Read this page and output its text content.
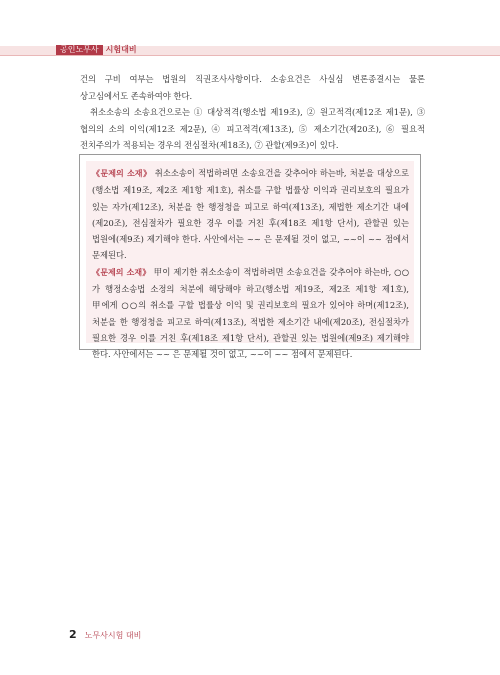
공인노무사 시험대비

건의 구비 여부는 법원의 직권조사사항이다. 소송요건은 사실심 변론종결시는 물론 상고심에서도 존속하여야 한다.

취소소송의 소송요건으로는 ① 대상적격(행소법 제19조), ② 원고적격(제12조 제1문), ③ 협의의 소의 이익(제12조 제2문), ④ 피고적격(제13조), ⑤ 제소기간(제20조), ⑥ 필요적 전치주의가 적용되는 경우의 전심절차(제18조), ⑦ 관할(제9조)이 있다.

《문제의 소재》 취소소송이 적법하려면 소송요건을 갖추어야 하는바, 처분을 대상으로(행소법 제19조, 제2조 제1항 제1호), 취소를 구할 법률상 이익과 권리보호의 필요가 있는 자가(제12조), 처분을 한 행정청을 피고로 하여(제13조), 제법한 제소기간 내에(제20조), 전심절차가 필요한 경우 이를 거친 후(제18조 제1항 단서), 관할권 있는 법원에(제9조) 제기해야 한다. 사안에서는 ~~ 은 문제될 것이 없고, ~~이 ~~ 점에서 문제된다.

《문제의 소재》 甲이 제기한 취소소송이 적법하려면 소송요건을 갖추어야 하는바, ○○가 행정소송법 소정의 처분에 해당해야 하고(행소법 제19조, 제2조 제1항 제1호), 甲에게 ○○의 취소를 구할 법률상 이익 및 권리보호의 필요가 있어야 하며(제12조), 처분을 한 행정청을 피고로 하여(제13조), 적법한 제소기간 내에(제20조), 전심절차가 필요한 경우 이를 거친 후(제18조 제1항 단서), 관할권 있는 법원에(제9조) 제기해야 한다. 사안에서는 ~~ 은 문제될 것이 없고, ~~이 ~~ 점에서 문제된다.

2 노무사시험 대비
